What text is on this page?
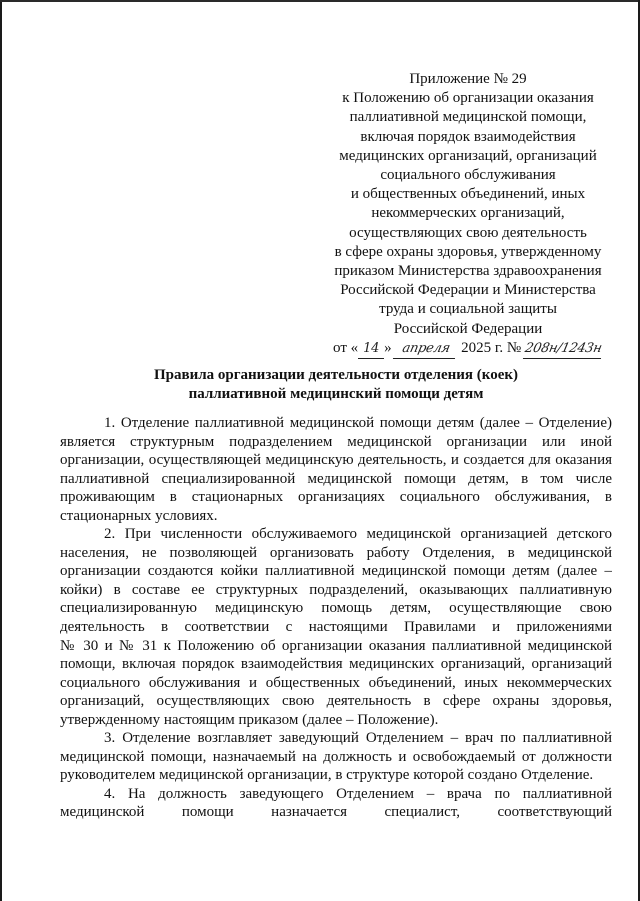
Приложение № 29
к Положению об организации оказания
паллиативной медицинской помощи,
включая порядок взаимодействия
медицинских организаций, организаций
социального обслуживания
и общественных объединений, иных
некоммерческих организаций,
осуществляющих свою деятельность
в сфере охраны здоровья, утвержденному
приказом Министерства здравоохранения
Российской Федерации и Министерства
труда и социальной защиты
Российской Федерации
от « 14 » апреля 2025 г. № 208н/1243н
Правила организации деятельности отделения (коек)
паллиативной медицинский помощи детям
1. Отделение паллиативной медицинской помощи детям (далее – Отделение)
является структурным подразделением медицинской организации или иной
организации, осуществляющей медицинскую деятельность, и создается для оказания
паллиативной специализированной медицинской помощи детям, в том числе
проживающим в стационарных организациях социального обслуживания, в
стационарных условиях.
2. При численности обслуживаемого медицинской организацией детского
населения, не позволяющей организовать работу Отделения, в медицинской
организации создаются койки паллиативной медицинской помощи детям (далее –
койки) в составе ее структурных подразделений, оказывающих паллиативную
специализированную медицинскую помощь детям, осуществляющие свою
деятельность в соответствии с настоящими Правилами и приложениями
№ 30 и № 31 к Положению об организации оказания паллиативной медицинской
помощи, включая порядок взаимодействия медицинских организаций, организаций
социального обслуживания и общественных объединений, иных некоммерческих
организаций, осуществляющих свою деятельность в сфере охраны здоровья,
утвержденному настоящим приказом (далее – Положение).
3. Отделение возглавляет заведующий Отделением – врач по паллиативной
медицинской помощи, назначаемый на должность и освобождаемый от должности
руководителем медицинской организации, в структуре которой создано Отделение.
4. На должность заведующего Отделением – врача по паллиативной
медицинской помощи назначается специалист, соответствующий
